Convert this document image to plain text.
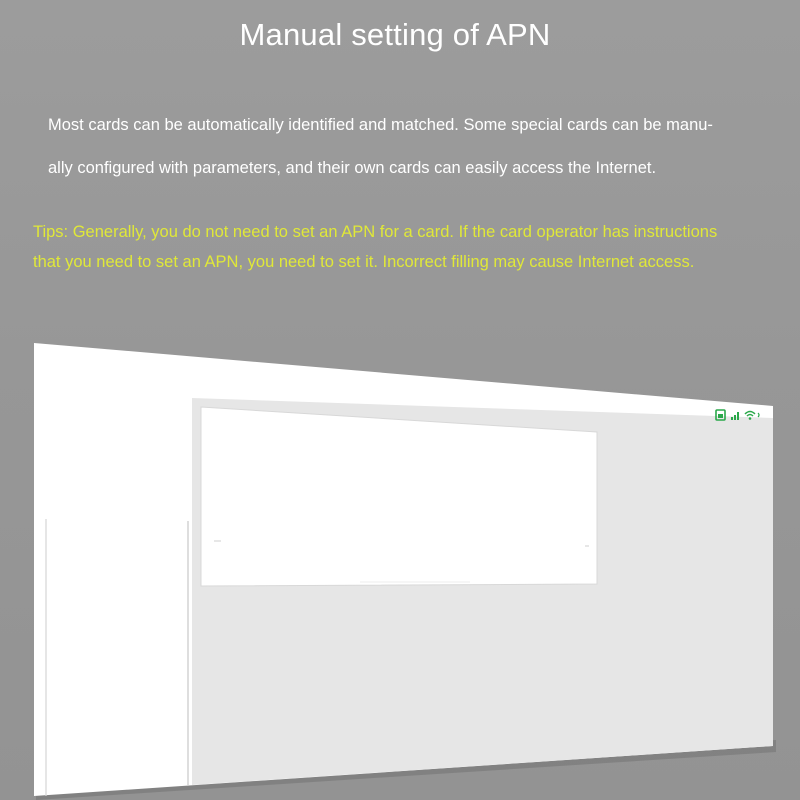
Manual setting of APN
Most cards can be automatically identified and matched. Some special cards can be manu-
ally configured with parameters, and their own cards can easily access the Internet.
Tips: Generally, you do not need to set an APN for a card. If the card operator has instructions
that you need to set an APN, you need to set it. Incorrect filling may cause Internet access.
